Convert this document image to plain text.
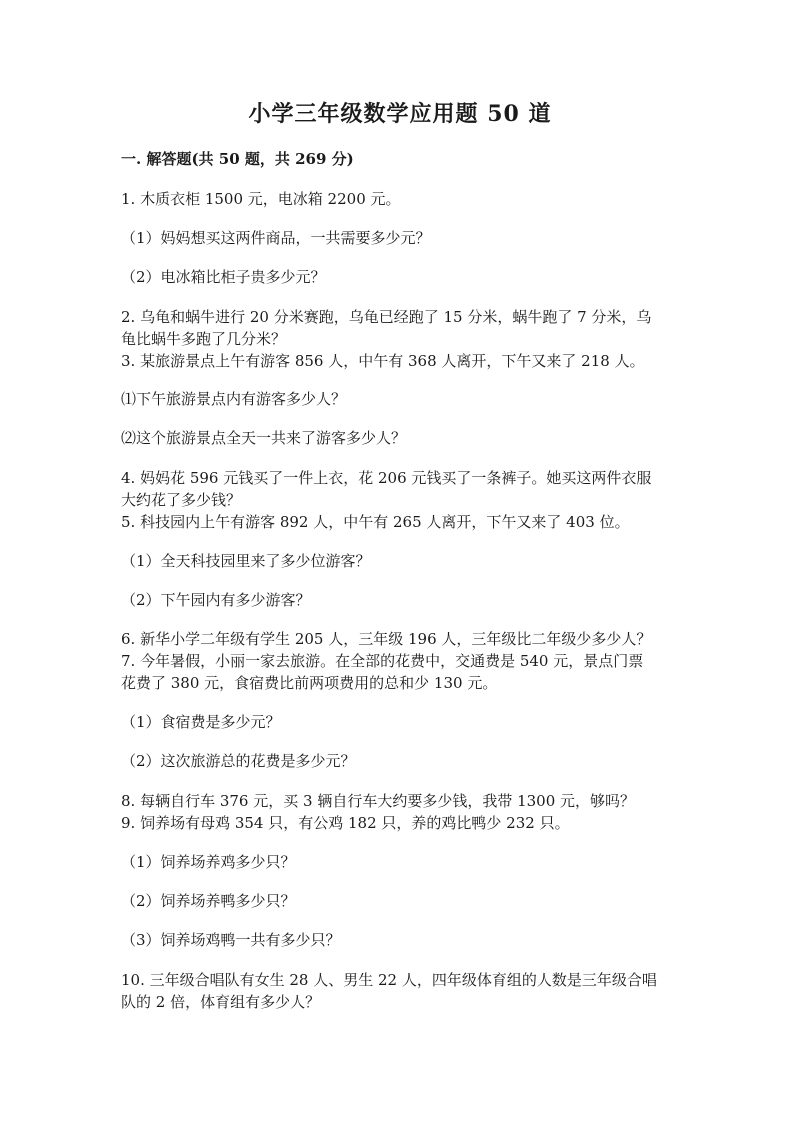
小学三年级数学应用题 50 道
一. 解答题(共 50 题，共 269 分)
1. 木质衣柜 1500 元，电冰箱 2200 元。
（1）妈妈想买这两件商品，一共需要多少元？
（2）电冰箱比柜子贵多少元？
2. 乌龟和蜗牛进行 20 分米赛跑，乌龟已经跑了 15 分米，蜗牛跑了 7 分米，乌
龟比蜗牛多跑了几分米？
3. 某旅游景点上午有游客 856 人，中午有 368 人离开，下午又来了 218 人。
⑴下午旅游景点内有游客多少人？
⑵这个旅游景点全天一共来了游客多少人？
4. 妈妈花 596 元钱买了一件上衣，花 206 元钱买了一条裤子。她买这两件衣服
大约花了多少钱？
5. 科技园内上午有游客 892 人，中午有 265 人离开，下午又来了 403 位。
（1）全天科技园里来了多少位游客？
（2）下午园内有多少游客？
6. 新华小学二年级有学生 205 人，三年级 196 人，三年级比二年级少多少人？
7. 今年暑假，小丽一家去旅游。在全部的花费中，交通费是 540 元，景点门票
花费了 380 元，食宿费比前两项费用的总和少 130 元。
（1）食宿费是多少元？
（2）这次旅游总的花费是多少元？
8. 每辆自行车 376 元，买 3 辆自行车大约要多少钱，我带 1300 元，够吗？
9. 饲养场有母鸡 354 只，有公鸡 182 只，养的鸡比鸭少 232 只。
（1）饲养场养鸡多少只？
（2）饲养场养鸭多少只？
（3）饲养场鸡鸭一共有多少只？
10. 三年级合唱队有女生 28 人、男生 22 人，四年级体育组的人数是三年级合唱
队的 2 倍，体育组有多少人？
